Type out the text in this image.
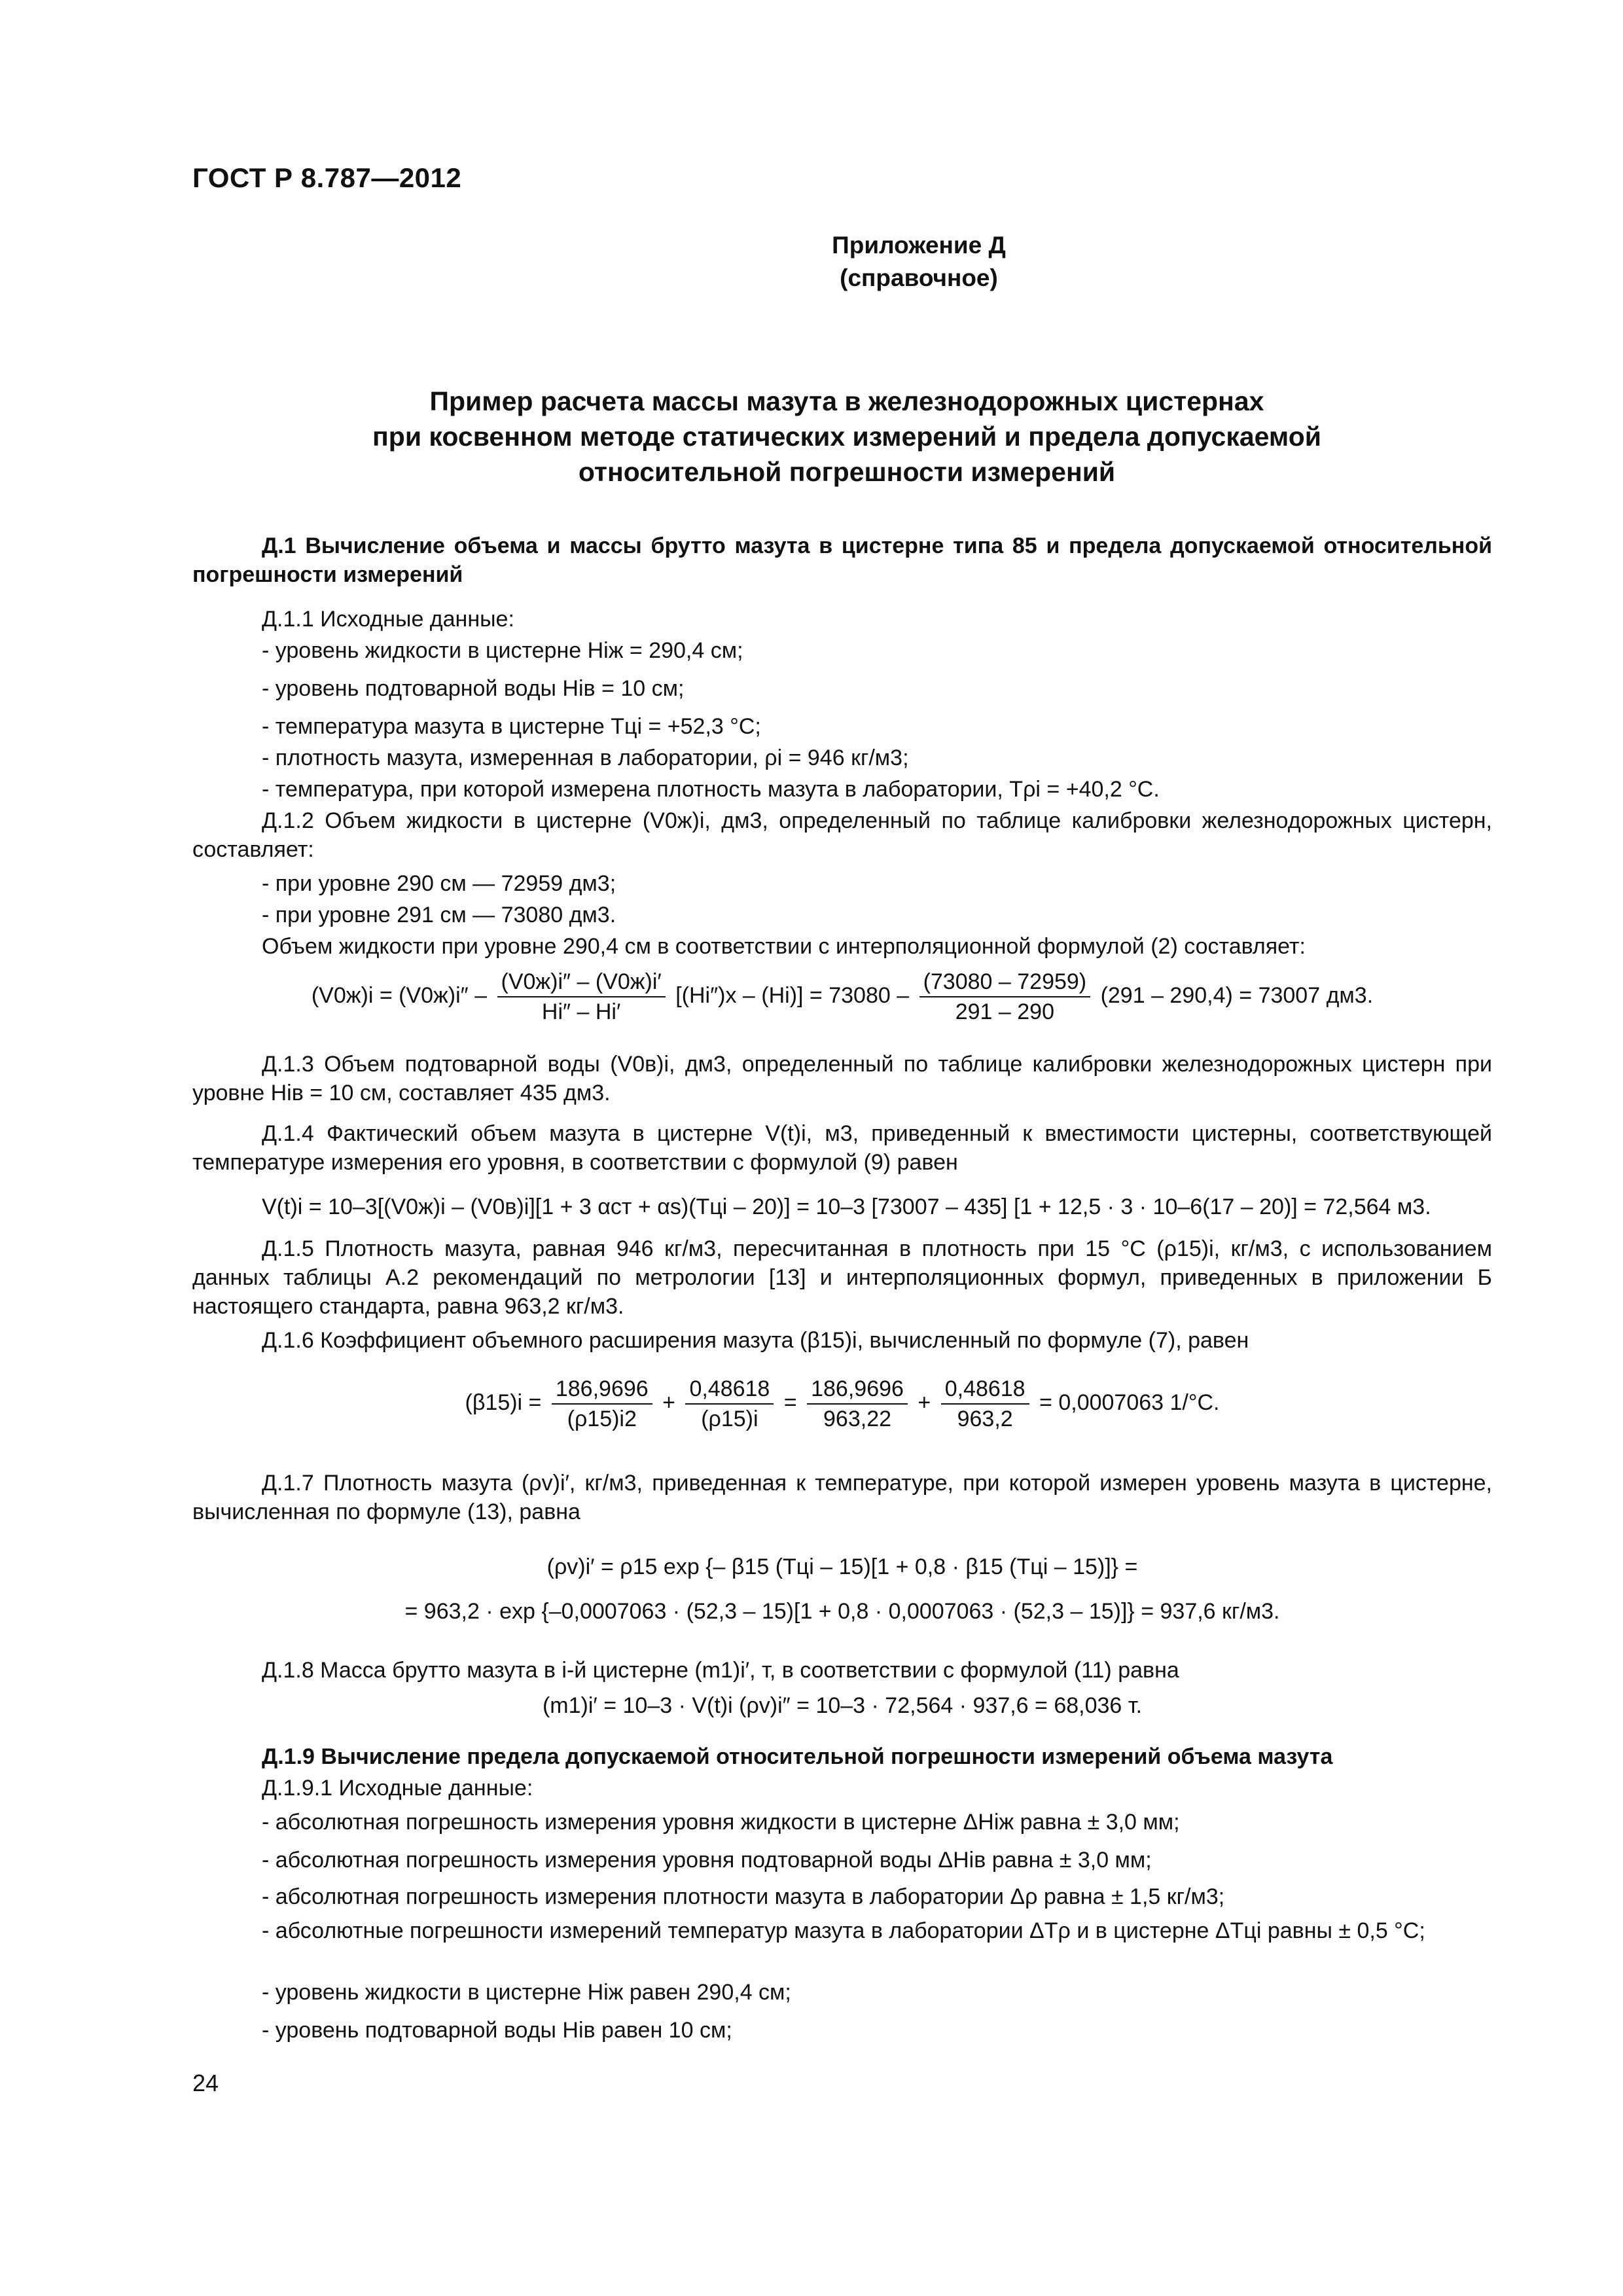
ГОСТ Р 8.787—2012
Приложение Д
(справочное)
Пример расчета массы мазута в железнодорожных цистернах
при косвенном методе статических измерений и предела допускаемой
относительной погрешности измерений
Д.1 Вычисление объема и массы брутто мазута в цистерне типа 85 и предела допускаемой относительной погрешности измерений
Д.1.1 Исходные данные:
- уровень жидкости в цистерне Hiж = 290,4 см;
- уровень подтоварной воды Hiв = 10 см;
- температура мазута в цистерне Tцi = +52,3 °С;
- плотность мазута, измеренная в лаборатории, ρi = 946 кг/м3;
- температура, при которой измерена плотность мазута в лаборатории, Tρi = +40,2 °С.
Д.1.2 Объем жидкости в цистерне (V0ж)i, дм3, определенный по таблице калибровки железнодорожных цистерн, составляет:
- при уровне 290 см — 72959 дм3;
- при уровне 291 см — 73080 дм3.
Объем жидкости при уровне 290,4 см в соответствии с интерполяционной формулой (2) составляет:
$(V0ж)i = (V0ж)i'' - \frac{(V0ж)i'' - (V0ж)i'}{Hi'' - Hi'} [(Hi'')x - (Hi)] = 73080 - \frac{(73080 - 72959)}{291 - 290} (291 - 290,4) = 73007$ дм3.
Д.1.3 Объем подтоварной воды (V0в)i, дм3, определенный по таблице калибровки железнодорожных цистерн при уровне Hiв = 10 см, составляет 435 дм3.
Д.1.4 Фактический объем мазута в цистерне V(t)i, м3, приведенный к вместимости цистерны, соответствующей температуре измерения его уровня, в соответствии с формулой (9) равен
V(t)i = 10–3[(V0ж)i – (V0в)i][1 + 3 αст + αs)(Tцi – 20)] = 10–3 [73007 – 435] [1 + 12,5 · 3 · 10–6(17 – 20)] = 72,564 м3.
Д.1.5 Плотность мазута, равная 946 кг/м3, пересчитанная в плотность при 15 °С (ρ15)i, кг/м3, с использованием данных таблицы А.2 рекомендаций по метрологии [13] и интерполяционных формул, приведенных в приложении Б настоящего стандарта, равна 963,2 кг/м3.
Д.1.6 Коэффициент объемного расширения мазута (β15)i, вычисленный по формуле (7), равен
$(\beta 15)i = \frac{186,9696}{(\rho 15)i2} + \frac{0,48618}{(\rho 15)i} = \frac{186,9696}{963,22} + \frac{0,48618}{963,2} = 0,0007063$ 1/°С.
Д.1.7 Плотность мазута (ρv)i′, кг/м3, приведенная к температуре, при которой измерен уровень мазута в цистерне, вычисленная по формуле (13), равна
(ρv)i′ = ρ15 exp {– β15 (Tцi – 15)[1 + 0,8 · β15 (Tцi – 15)]} =
= 963,2 · exp {–0,0007063 · (52,3 – 15)[1 + 0,8 · 0,0007063 · (52,3 – 15)]} = 937,6 кг/м3.
Д.1.8 Масса брутто мазута в i-й цистерне (m1)i′, т, в соответствии с формулой (11) равна
(m1)i′ = 10–3 · V(t)i (ρv)i″ = 10–3 · 72,564 · 937,6 = 68,036 т.
Д.1.9 Вычисление предела допускаемой относительной погрешности измерений объема мазута
Д.1.9.1 Исходные данные:
- абсолютная погрешность измерения уровня жидкости в цистерне ΔHiж равна ± 3,0 мм;
- абсолютная погрешность измерения уровня подтоварной воды ΔHiв равна ± 3,0 мм;
- абсолютная погрешность измерения плотности мазута в лаборатории Δρ равна ± 1,5 кг/м3;
- абсолютные погрешности измерений температур мазута в лаборатории ΔTρ и в цистерне ΔTцi равны ± 0,5 °С;
- уровень жидкости в цистерне Hiж равен 290,4 см;
- уровень подтоварной воды Hiв равен 10 см;
24
